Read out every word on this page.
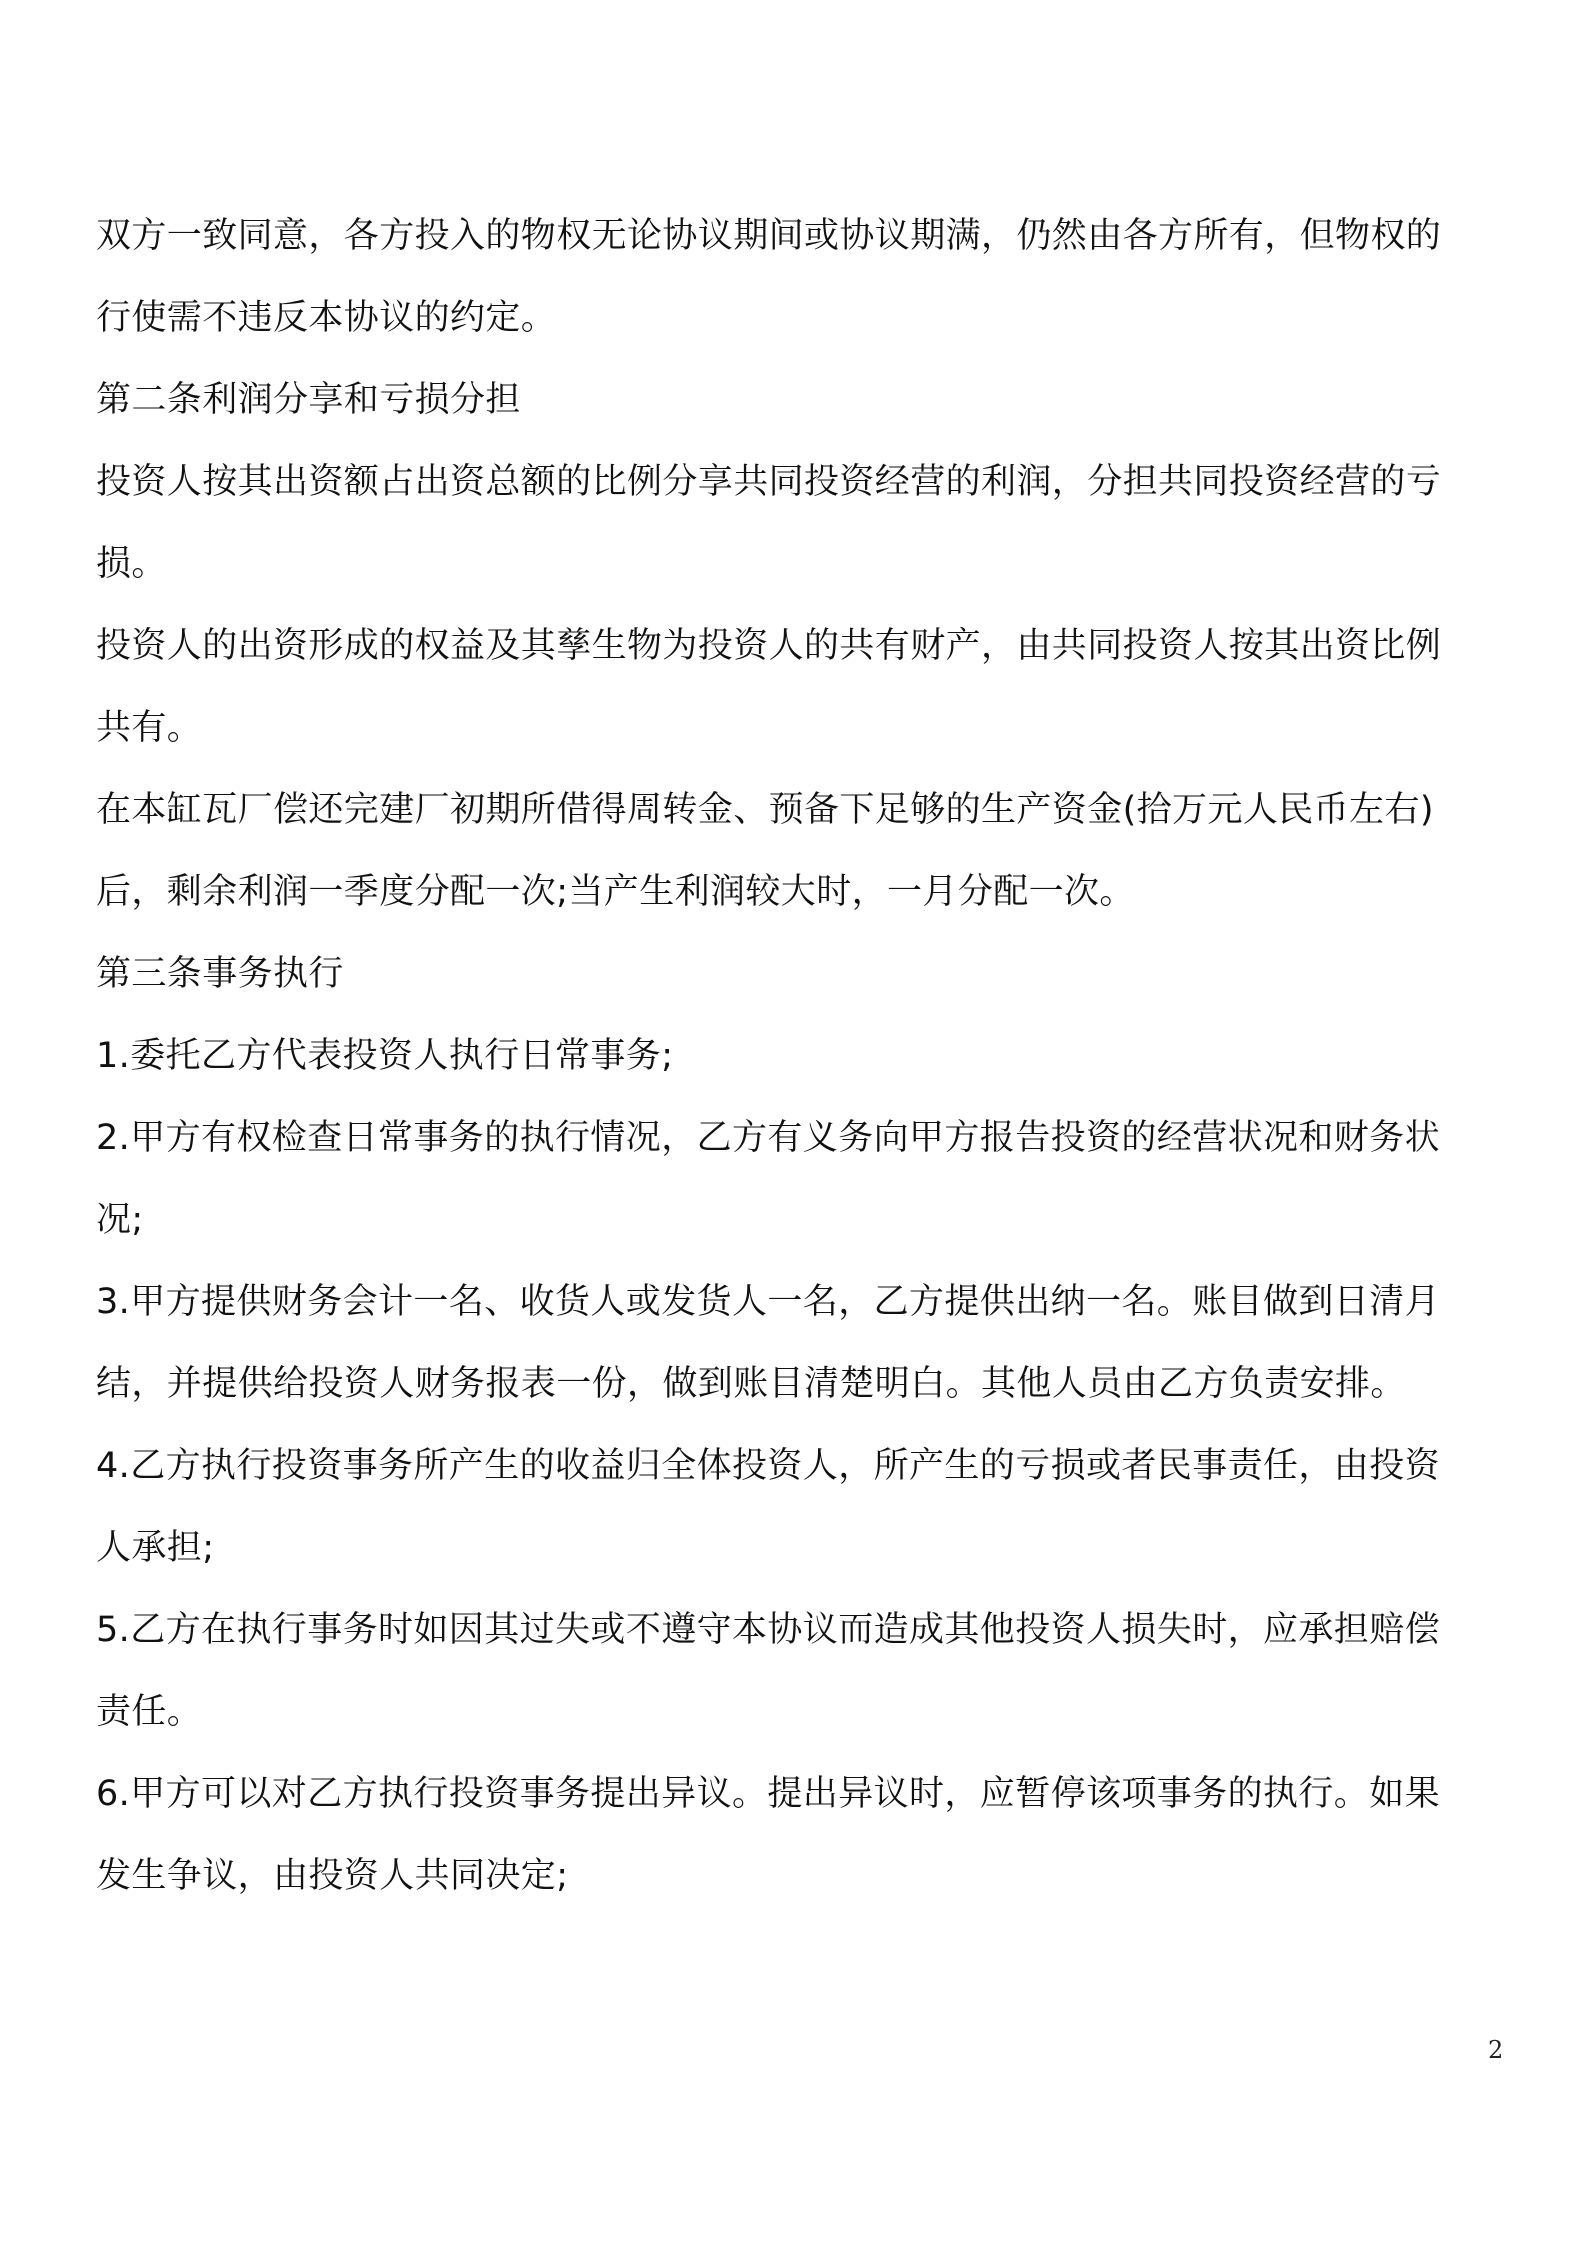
双方一致同意，各方投入的物权无论协议期间或协议期满，仍然由各方所有，但物权的
行使需不违反本协议的约定。
第二条利润分享和亏损分担
投资人按其出资额占出资总额的比例分享共同投资经营的利润，分担共同投资经营的亏
损。
投资人的出资形成的权益及其孳生物为投资人的共有财产，由共同投资人按其出资比例
共有。
在本缸瓦厂偿还完建厂初期所借得周转金、预备下足够的生产资金(拾万元人民币左右)
后，剩余利润一季度分配一次;当产生利润较大时，一月分配一次。
第三条事务执行
1.委托乙方代表投资人执行日常事务;
2.甲方有权检查日常事务的执行情况，乙方有义务向甲方报告投资的经营状况和财务状
况;
3.甲方提供财务会计一名、收货人或发货人一名，乙方提供出纳一名。账目做到日清月
结，并提供给投资人财务报表一份，做到账目清楚明白。其他人员由乙方负责安排。
4.乙方执行投资事务所产生的收益归全体投资人，所产生的亏损或者民事责任，由投资
人承担;
5.乙方在执行事务时如因其过失或不遵守本协议而造成其他投资人损失时，应承担赔偿
责任。
6.甲方可以对乙方执行投资事务提出异议。提出异议时，应暂停该项事务的执行。如果
发生争议，由投资人共同决定;
2
